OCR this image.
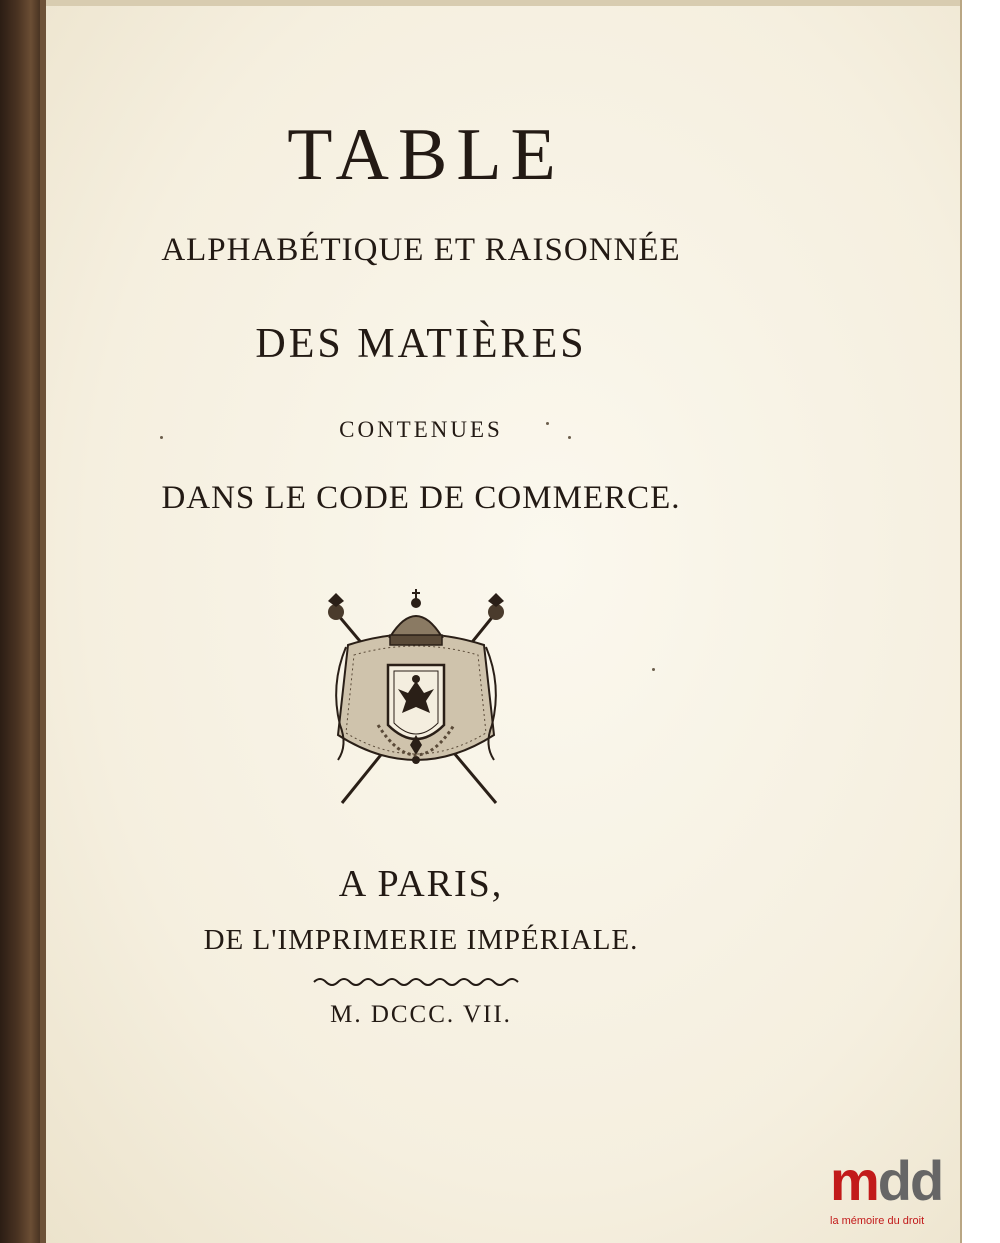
TABLE
ALPHABÉTIQUE ET RAISONNÉE
DES MATIÈRES
CONTENUES
DANS LE CODE DE COMMERCE.
A PARIS,
DE L'IMPRIMERIE IMPÉRIALE.
M. DCCC. VII.
mdd
la mémoire du droit
